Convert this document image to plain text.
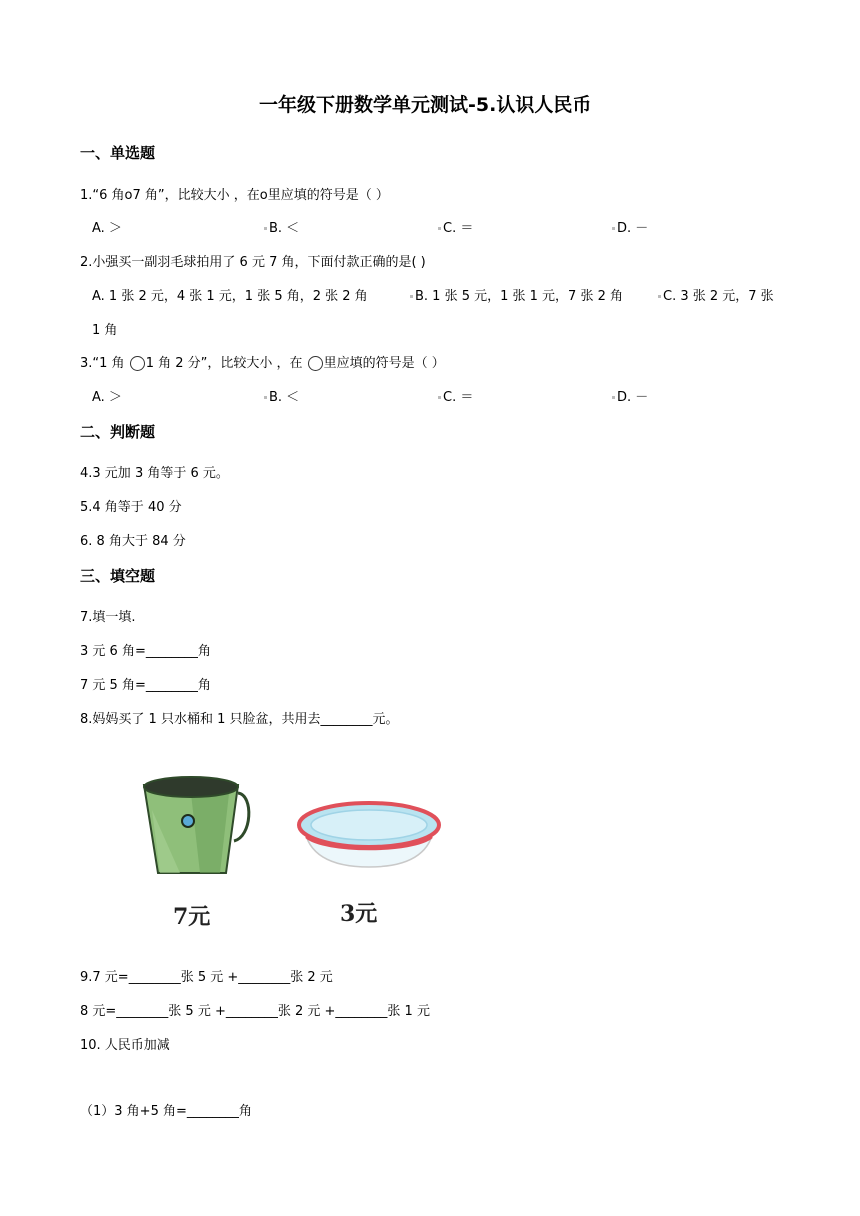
一年级下册数学单元测试-5.认识人民币
一、单选题
1.“6 角o7 角”，比较大小 ，在o里应填的符号是（ ）
A. ＞	B. ＜	C. ＝	D. －
2.小强买一副羽毛球拍用了 6 元 7 角，下面付款正确的是( )
A. 1 张 2 元，4 张 1 元，1 张 5 角，2 张 2 角	B. 1 张 5 元，1 张 1 元，7 张 2 角	C. 3 张 2 元，7 张
1 角
3.“1 角 1 角 2 分”，比较大小 ，在 里应填的符号是（ ）
A. ＞	B. ＜	C. ＝	D. －
二、判断题
4.3 元加 3 角等于 6 元。
5.4 角等于 40 分
6. 8 角大于 84 分
三、填空题
7.填一填.
3 元 6 角=________角
7 元 5 角=________角
8.妈妈买了 1 只水桶和 1 只脸盆，共用去________元。
7元	3元
9.7 元=________张 5 元 +________张 2 元
8 元=________张 5 元 +________张 2 元 +________张 1 元
10. 人民币加减
（1）3 角+5 角=________角
